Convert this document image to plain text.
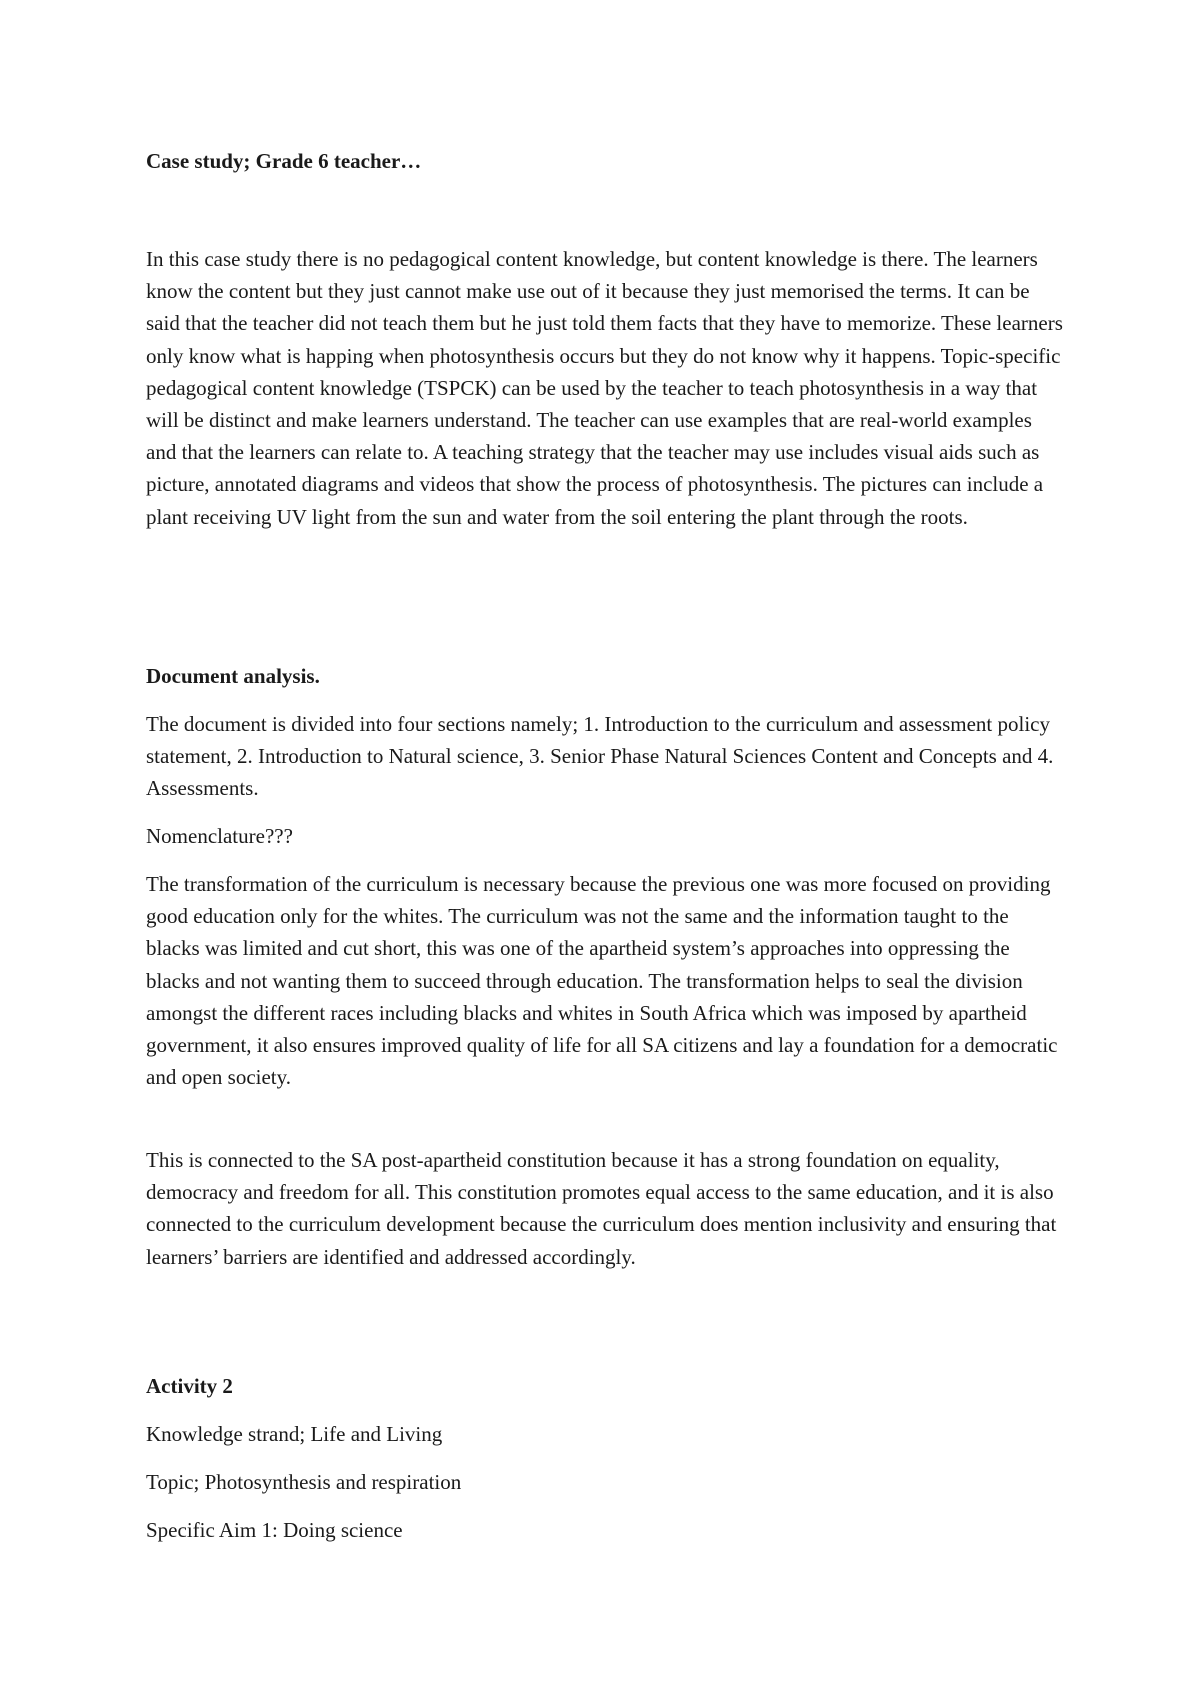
Case study; Grade 6 teacher…

In this case study there is no pedagogical content knowledge, but content knowledge is there. The learners know the content but they just cannot make use out of it because they just memorised the terms. It can be said that the teacher did not teach them but he just told them facts that they have to memorize. These learners only know what is happing when photosynthesis occurs but they do not know why it happens. Topic-specific pedagogical content knowledge (TSPCK) can be used by the teacher to teach photosynthesis in a way that will be distinct and make learners understand. The teacher can use examples that are real-world examples and that the learners can relate to. A teaching strategy that the teacher may use includes visual aids such as picture, annotated diagrams and videos that show the process of photosynthesis. The pictures can include a plant receiving UV light from the sun and water from the soil entering the plant through the roots.

Document analysis.

The document is divided into four sections namely; 1. Introduction to the curriculum and assessment policy statement, 2. Introduction to Natural science, 3. Senior Phase Natural Sciences Content and Concepts and 4. Assessments.

Nomenclature???

The transformation of the curriculum is necessary because the previous one was more focused on providing good education only for the whites. The curriculum was not the same and the information taught to the blacks was limited and cut short, this was one of the apartheid system’s approaches into oppressing the blacks and not wanting them to succeed through education. The transformation helps to seal the division amongst the different races including blacks and whites in South Africa which was imposed by apartheid government, it also ensures improved quality of life for all SA citizens and lay a foundation for a democratic and open society.

This is connected to the SA post-apartheid constitution because it has a strong foundation on equality, democracy and freedom for all. This constitution promotes equal access to the same education, and it is also connected to the curriculum development because the curriculum does mention inclusivity and ensuring that learners’ barriers are identified and addressed accordingly.

Activity 2

Knowledge strand; Life and Living

Topic; Photosynthesis and respiration

Specific Aim 1: Doing science
